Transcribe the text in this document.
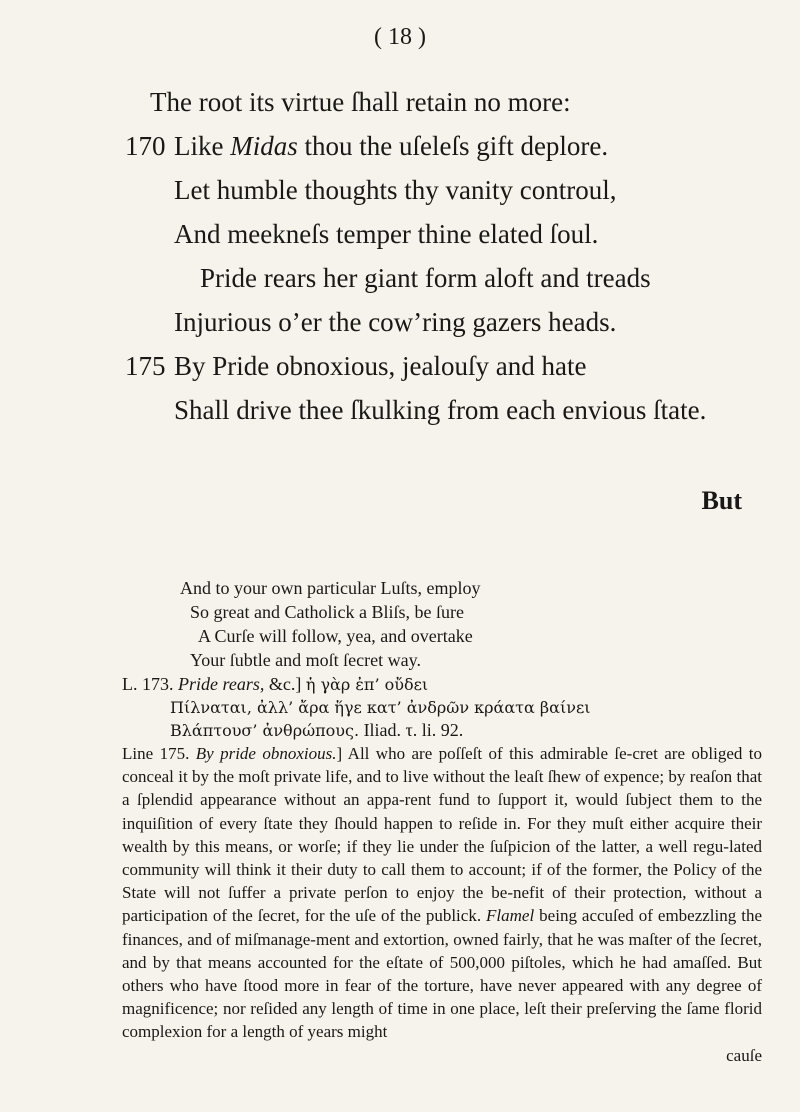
( 18 )
The root its virtue ſhall retain no more:
170 Like Midas thou the uſeleſs gift deplore.
Let humble thoughts thy vanity controul,
And meekneſs temper thine elated ſoul.
Pride rears her giant form aloft and treads
Injurious o’er the cow’ring gazers heads.
175 By Pride obnoxious, jealouſy and hate
Shall drive thee ſkulking from each envious ſtate.
But
And to your own particular Luſts, employ
So great and Catholick a Bliſs, be ſure
A Curſe will follow, yea, and overtake
Your ſubtle and moſt ſecret way.
L. 173. Pride rears, &c.] ἡ γὰρ ἐπ’ οὔδει
Πίλναται, ἀλλ’ ἄρα ἥγε κατ’ ἀνδρῶν κράατα βαίνει
Βλάπτουσ’ ἀνθρώπους. Iliad. τ. li. 92.

Line 175. By pride obnoxious.] All who are poſſeſt of this admirable ſe-cret are obliged to conceal it by the moſt private life, and to live without the leaſt ſhew of expence; by reaſon that a ſplendid appearance without an appa-rent fund to ſupport it, would ſubject them to the inquiſition of every ſtate they ſhould happen to reſide in. For they muſt either acquire their wealth by this means, or worſe; if they lie under the ſuſpicion of the latter, a well regu-lated community will think it their duty to call them to account; if of the former, the Policy of the State will not ſuffer a private perſon to enjoy the be-nefit of their protection, without a participation of the ſecret, for the uſe of the publick. Flamel being accuſed of embezzling the finances, and of miſmanage-ment and extortion, owned fairly, that he was maſter of the ſecret, and by that means accounted for the eſtate of 500,000 piſtoles, which he had amaſſed. But others who have ſtood more in fear of the torture, have never appeared with any degree of magnificence; nor reſided any length of time in one place, leſt their preſerving the ſame florid complexion for a length of years might

cauſe
